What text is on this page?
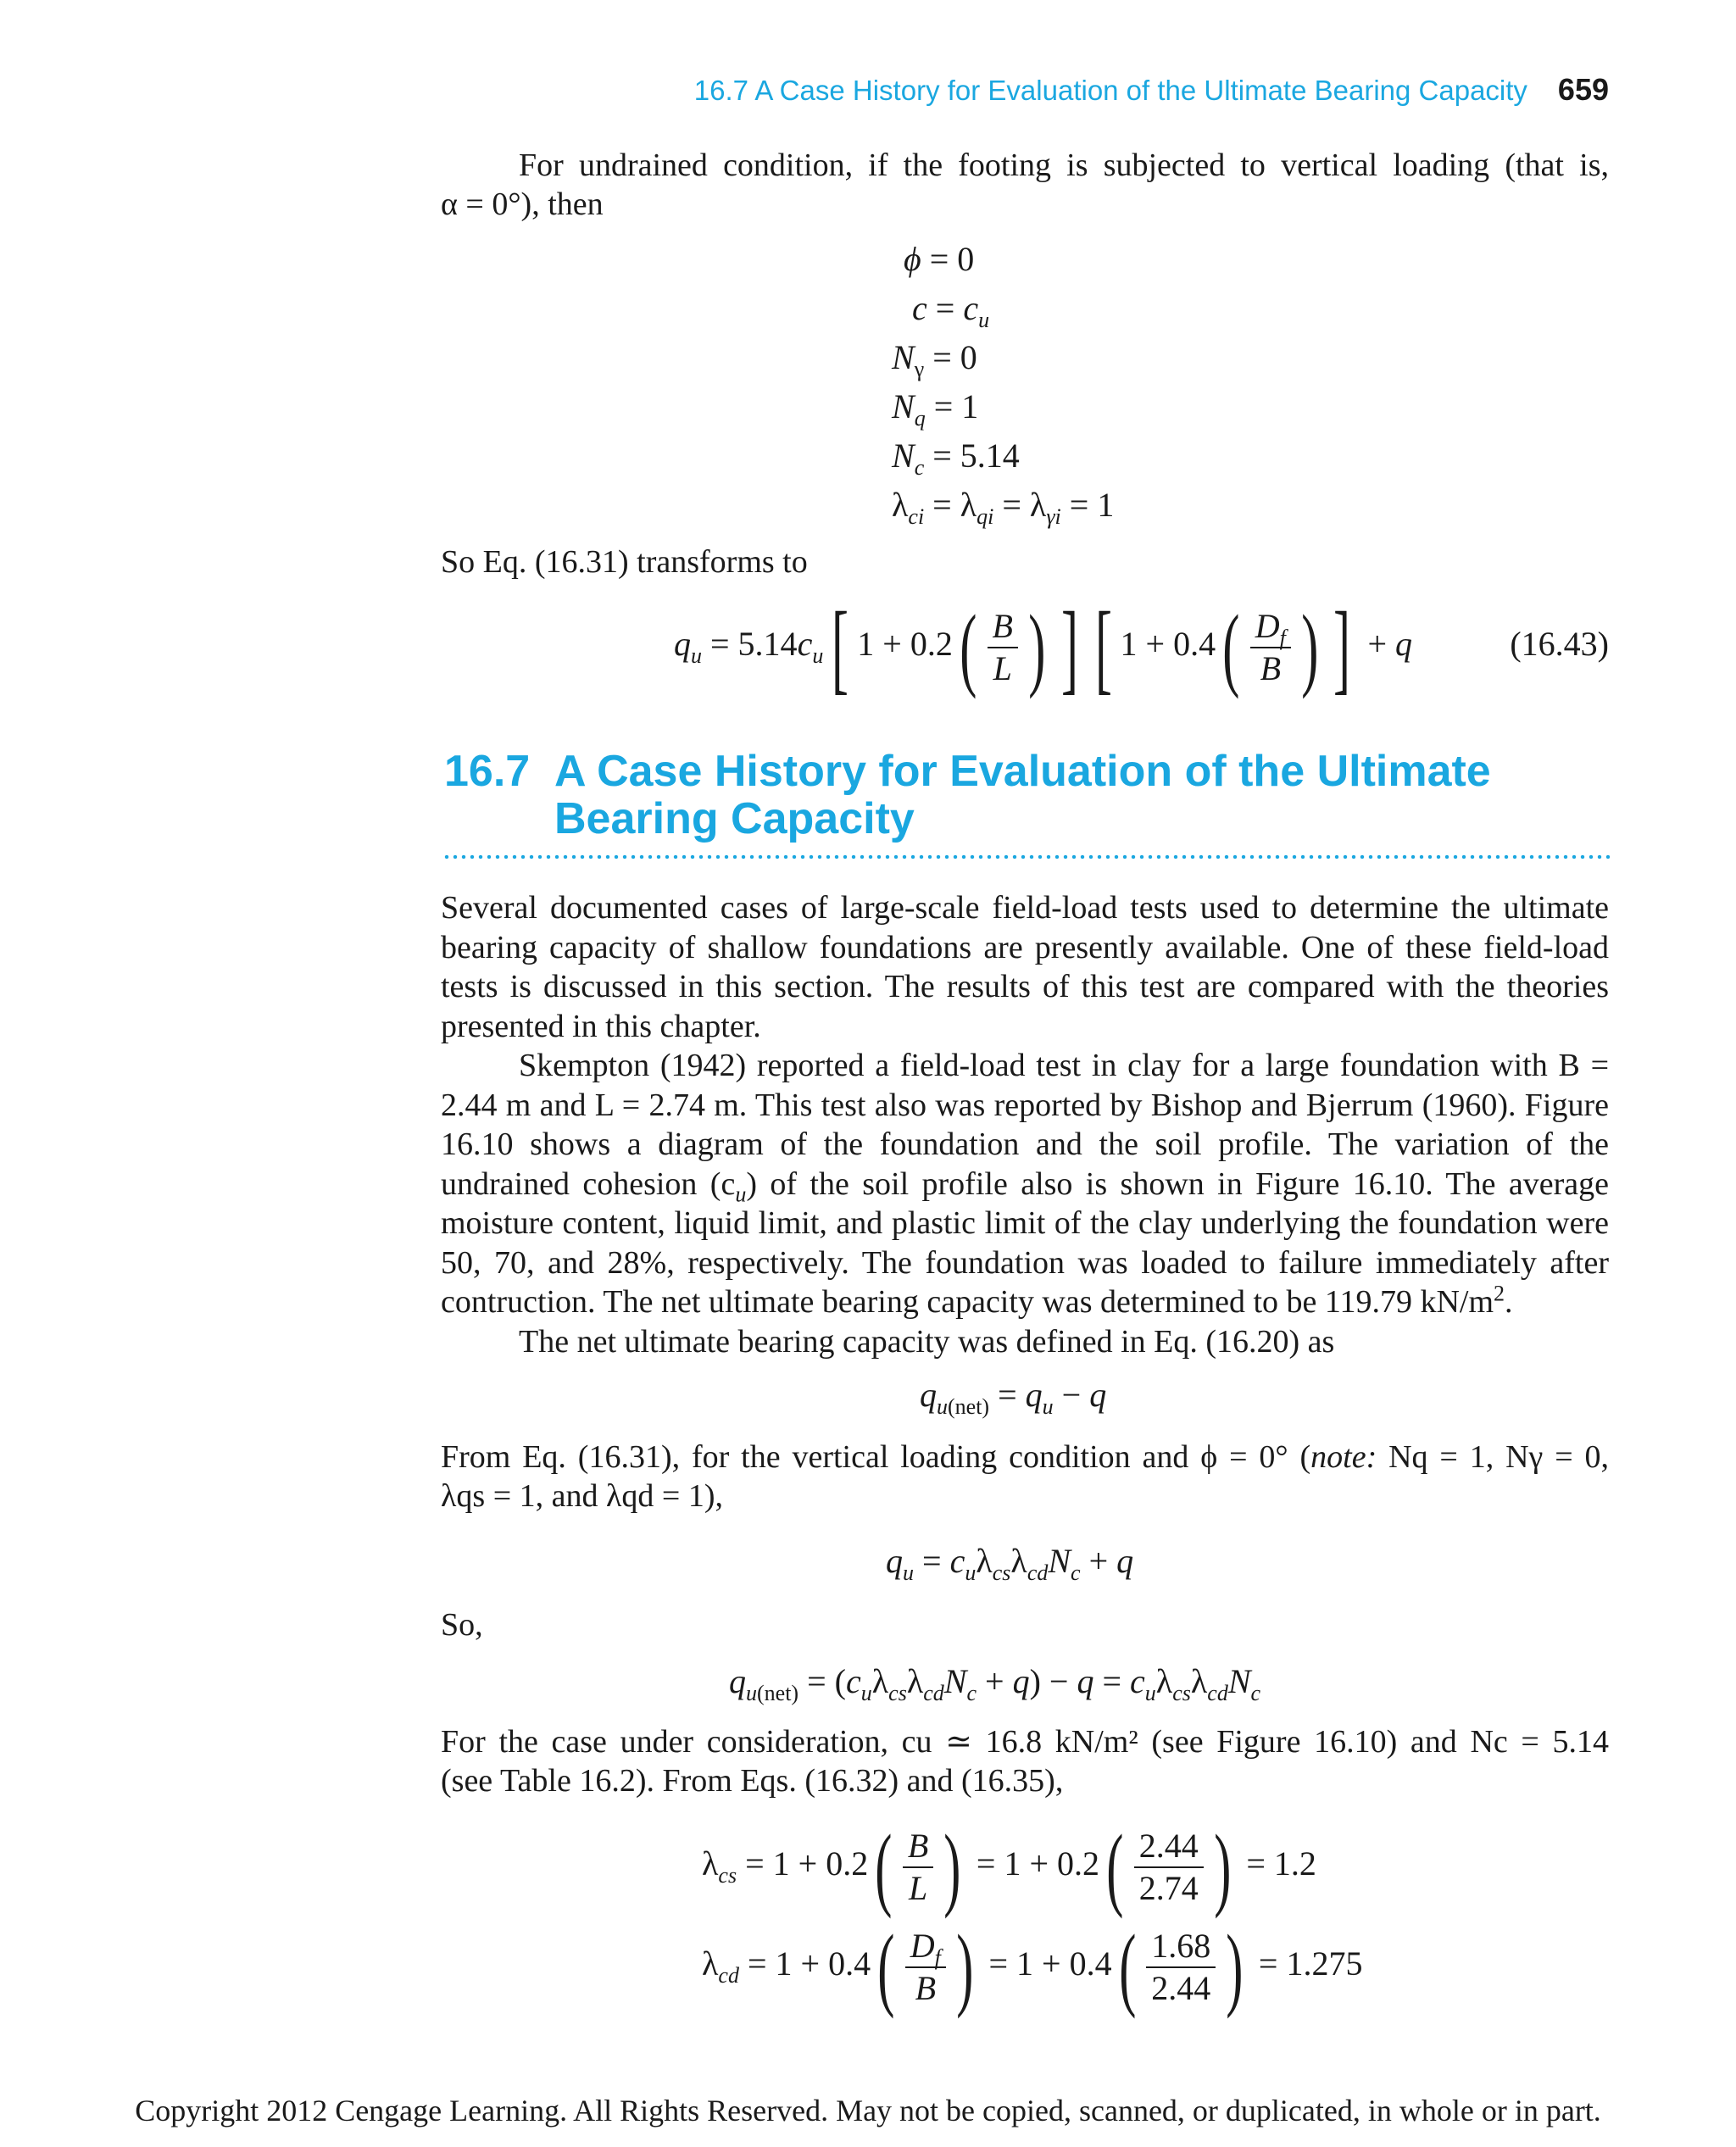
16.7 A Case History for Evaluation of the Ultimate Bearing Capacity 659
For undrained condition, if the footing is subjected to vertical loading (that is,
α = 0°), then
ϕ = 0
$c = c_u$
$N_\gamma = 0$
$N_q = 1$
$N_c = 5.14$
$\lambda_{ci} = \lambda_{qi} = \lambda_{\gamma i} = 1$
So Eq. (16.31) transforms to
$q_u = 5.14c_u$[ $1 + 0.2( \frac{B}{L}$ ) ] [ $1 + 0.4( \frac{D_f}{B}$ ) ] + q	(16.43)
16.7 A Case History for Evaluation of the Ultimate
Bearing Capacity
Several documented cases of large-scale field-load tests used to determine the ultimate bearing capacity of shallow foundations are presently available. One of these field-load tests is discussed in this section. The results of this test are compared with the theories presented in this chapter.
Skempton (1942) reported a field-load test in clay for a large foundation with B = 2.44 m and L = 2.74 m. This test also was reported by Bishop and Bjerrum (1960). Figure 16.10 shows a diagram of the foundation and the soil profile. The variation of the undrained cohesion $(c_u)$ of the soil profile also is shown in Figure 16.10. The average moisture content, liquid limit, and plastic limit of the clay underlying the foundation were 50, 70, and 28%, respectively. The foundation was loaded to failure immediately after contruction. The net ultimate bearing capacity was determined to be 119.79 $kN/m^2$.
The net ultimate bearing capacity was defined in Eq. (16.20) as
$q_{u(net)} = q_u - q$
From Eq. (16.31), for the vertical loading condition and ϕ = 0° (note: Nq = 1, Nγ = 0,
λqs = 1, and λqd = 1),
$q_u = c_u\lambda_{cs}\lambda_{cd}N_c + q$
So,
$q_{u(net)} = (c_u\lambda_{cs}\lambda_{cd}N_c + q) - q = c_u\lambda_{cs}\lambda_{cd}N_c$
For the case under consideration, cu ≃ 16.8 kN/m² (see Figure 16.10) and Nc = 5.14
(see Table 16.2). From Eqs. (16.32) and (16.35),
$\lambda_{cs} = 1 + 0.2( \frac{B}{L}$ ) = $1 + 0.2( \frac{2.44}{2.74}$ ) = 1.2
$\lambda_{cd} = 1 + 0.4( \frac{D_f}{B}$ ) = $1 + 0.4( \frac{1.68}{2.44}$ ) = 1.275
Copyright 2012 Cengage Learning. All Rights Reserved. May not be copied, scanned, or duplicated, in whole or in part.
